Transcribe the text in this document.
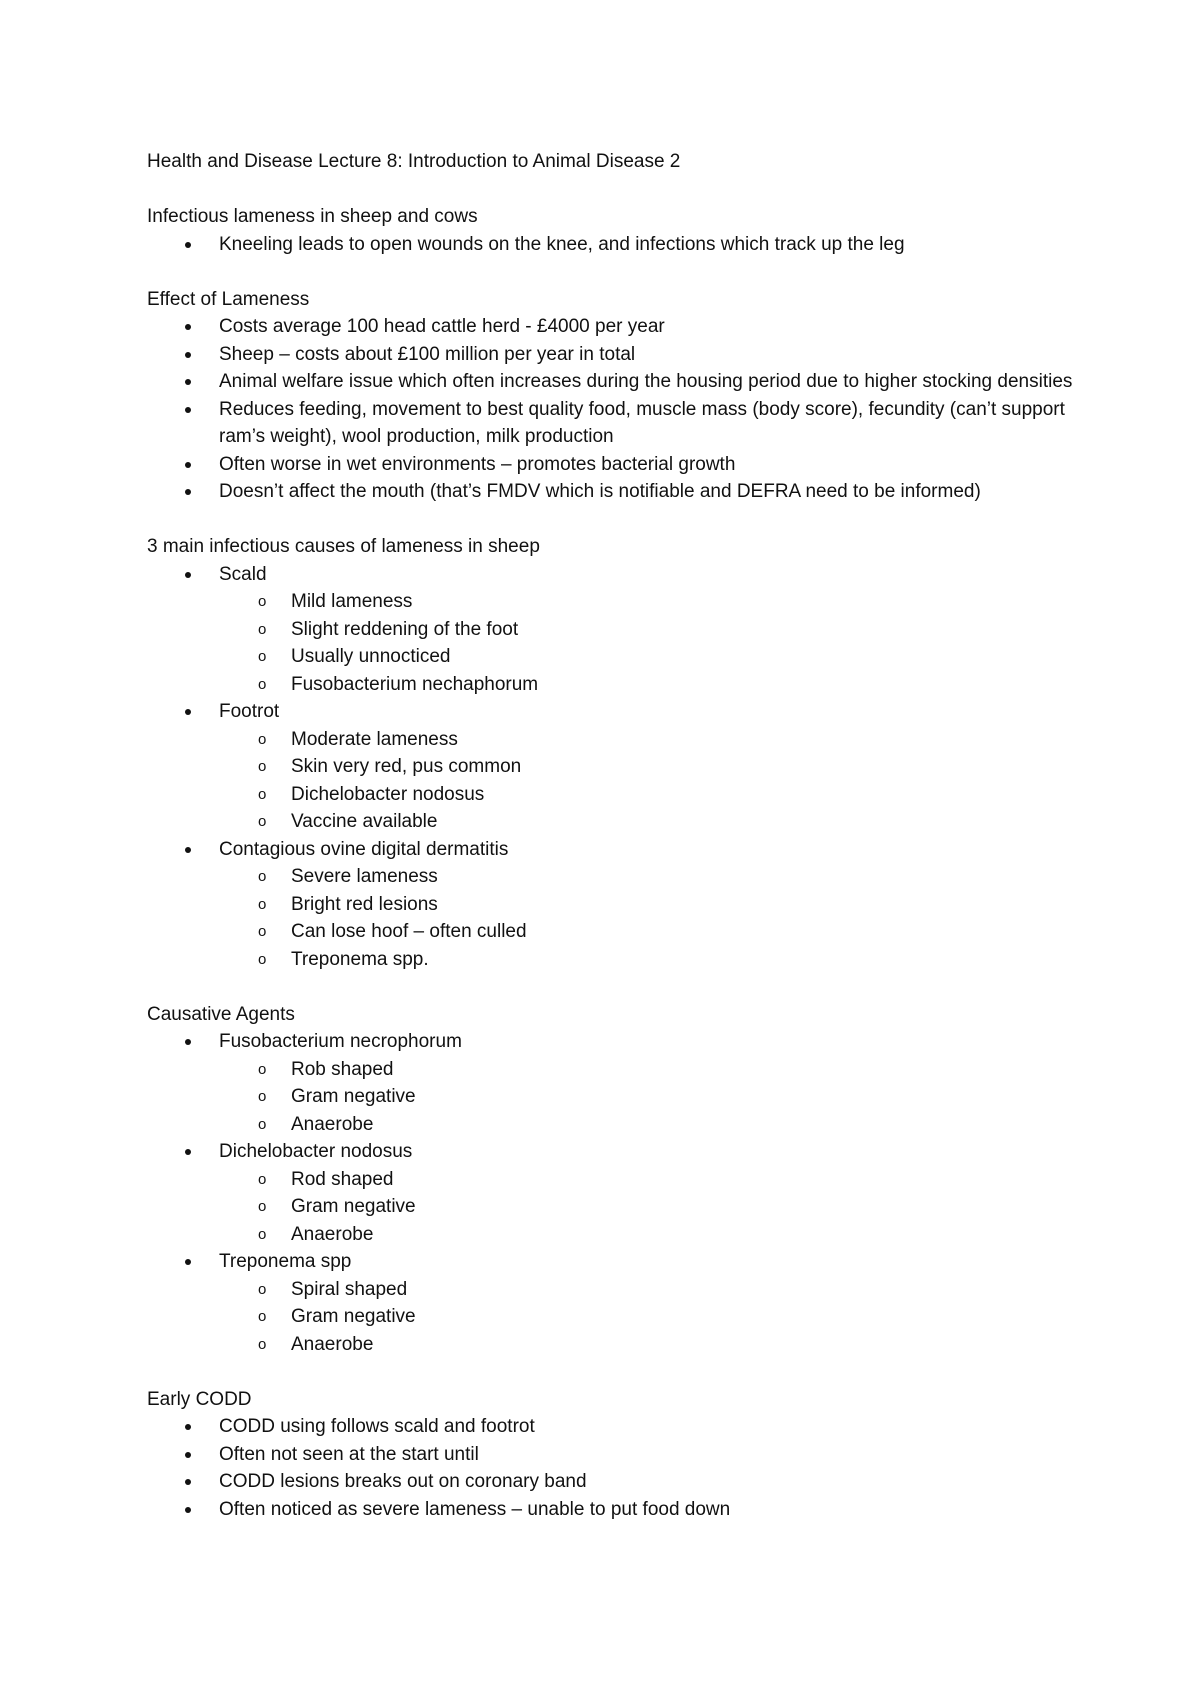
Health and Disease Lecture 8: Introduction to Animal Disease 2
Infectious lameness in sheep and cows
Kneeling leads to open wounds on the knee, and infections which track up the leg
Effect of Lameness
Costs average 100 head cattle herd - £4000 per year
Sheep – costs about £100 million per year in total
Animal welfare issue which often increases during the housing period due to higher stocking densities
Reduces feeding, movement to best quality food, muscle mass (body score), fecundity (can’t support ram’s weight), wool production, milk production
Often worse in wet environments – promotes bacterial growth
Doesn’t affect the mouth (that’s FMDV which is notifiable and DEFRA need to be informed)
3 main infectious causes of lameness in sheep
Scald
o Mild lameness
o Slight reddening of the foot
o Usually unnocticed
o Fusobacterium nechaphorum
Footrot
o Moderate lameness
o Skin very red, pus common
o Dichelobacter nodosus
o Vaccine available
Contagious ovine digital dermatitis
o Severe lameness
o Bright red lesions
o Can lose hoof – often culled
o Treponema spp.
Causative Agents
Fusobacterium necrophorum
o Rob shaped
o Gram negative
o Anaerobe
Dichelobacter nodosus
o Rod shaped
o Gram negative
o Anaerobe
Treponema spp
o Spiral shaped
o Gram negative
o Anaerobe
Early CODD
CODD using follows scald and footrot
Often not seen at the start until
CODD lesions breaks out on coronary band
Often noticed as severe lameness – unable to put food down
